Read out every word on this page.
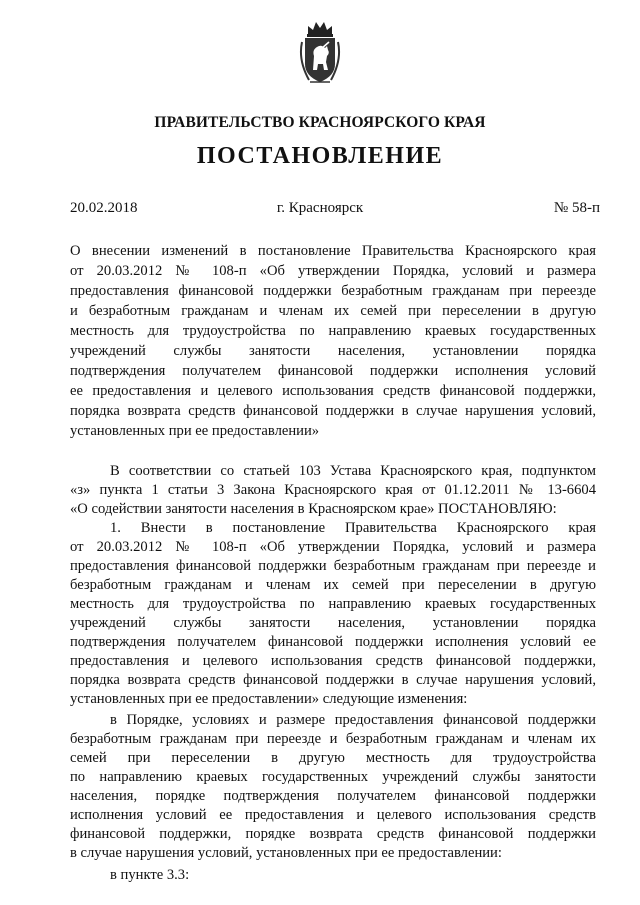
ПРАВИТЕЛЬСТВО КРАСНОЯРСКОГО КРАЯ
ПОСТАНОВЛЕНИЕ
20.02.2018	г. Красноярск	№ 58-п
О внесении изменений в постановление Правительства Красноярского края
от 20.03.2012 № 108-п «Об утверждении Порядка, условий и размера
предоставления финансовой поддержки безработным гражданам при переезде
и безработным гражданам и членам их семей при переселении в другую
местность для трудоустройства по направлению краевых государственных
учреждений службы занятости населения, установлении порядка
подтверждения получателем финансовой поддержки исполнения условий
ее предоставления и целевого использования средств финансовой поддержки,
порядка возврата средств финансовой поддержки в случае нарушения условий,
установленных при ее предоставлении»
В соответствии со статьей 103 Устава Красноярского края, подпунктом
«з» пункта 1 статьи 3 Закона Красноярского края от 01.12.2011 № 13-6604
«О содействии занятости населения в Красноярском крае» ПОСТАНОВЛЯЮ:
1. Внести в постановление Правительства Красноярского края
от 20.03.2012 № 108-п «Об утверждении Порядка, условий и размера
предоставления финансовой поддержки безработным гражданам при переезде и
безработным гражданам и членам их семей при переселении в другую
местность для трудоустройства по направлению краевых государственных
учреждений службы занятости населения, установлении порядка
подтверждения получателем финансовой поддержки исполнения условий ее
предоставления и целевого использования средств финансовой поддержки,
порядка возврата средств финансовой поддержки в случае нарушения условий,
установленных при ее предоставлении» следующие изменения:
в Порядке, условиях и размере предоставления финансовой поддержки
безработным гражданам при переезде и безработным гражданам и членам их
семей при переселении в другую местность для трудоустройства
по направлению краевых государственных учреждений службы занятости
населения, порядке подтверждения получателем финансовой поддержки
исполнения условий ее предоставления и целевого использования средств
финансовой поддержки, порядке возврата средств финансовой поддержки
в случае нарушения условий, установленных при ее предоставлении:
в пункте 3.3:
